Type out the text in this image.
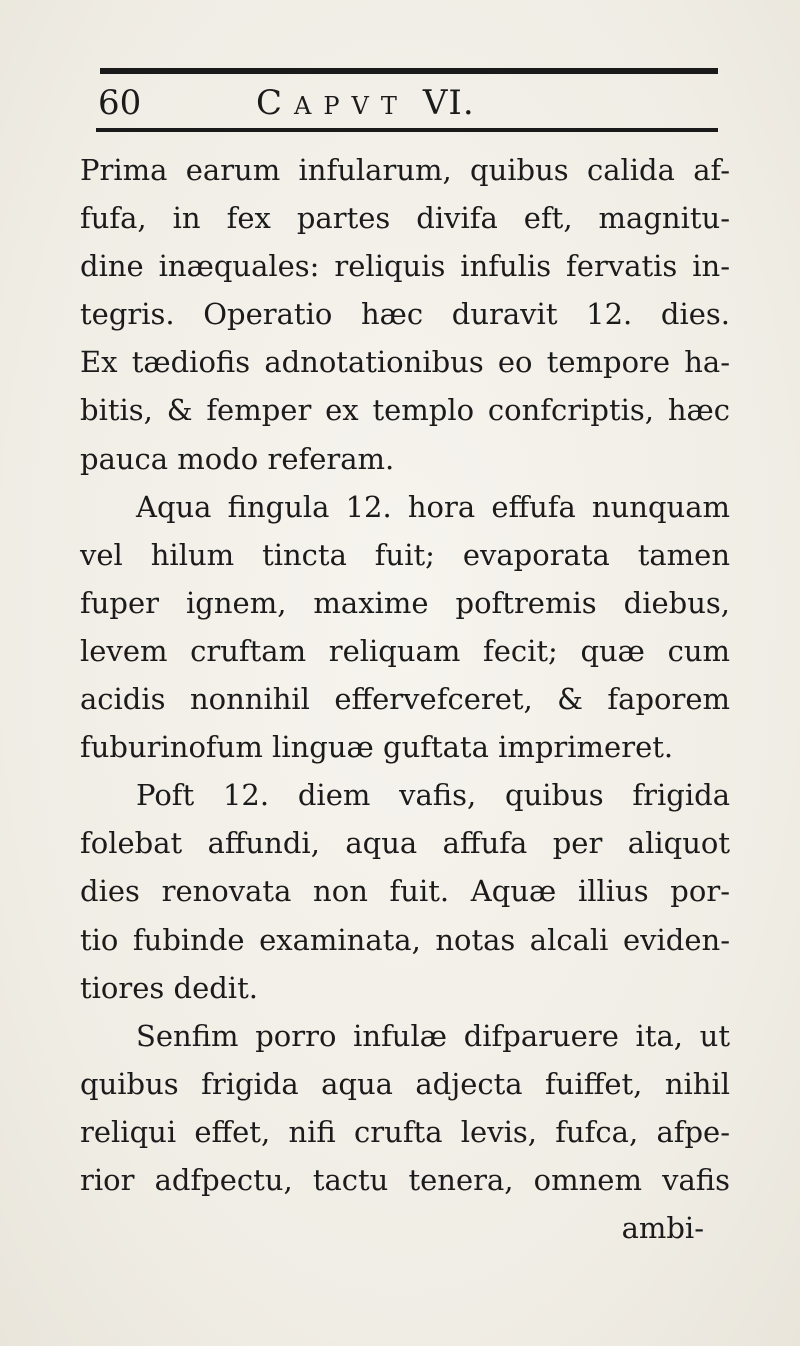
60	Capvt VI.
Prima earum infularum, quibus calida af-
fufa, in fex partes divifa eft, magnitu-
dine inæquales: reliquis infulis fervatis in-
tegris. Operatio hæc duravit 12. dies.
Ex tædiofis adnotationibus eo tempore ha-
bitis, & femper ex templo confcriptis, hæc
pauca modo referam.
Aqua fingula 12. hora effufa nunquam
vel hilum tincta fuit; evaporata tamen
fuper ignem, maxime poftremis diebus,
levem cruftam reliquam fecit; quæ cum
acidis nonnihil effervefceret, & faporem
fuburinofum linguæ guftata imprimeret.
Poft 12. diem vafis, quibus frigida
folebat affundi, aqua affufa per aliquot
dies renovata non fuit. Aquæ illius por-
tio fubinde examinata, notas alcali eviden-
tiores dedit.
Senfim porro infulæ difparuere ita, ut
quibus frigida aqua adjecta fuiffet, nihil
reliqui effet, nifi crufta levis, fufca, afpe-
rior adfpectu, tactu tenera, omnem vafis
ambi-
